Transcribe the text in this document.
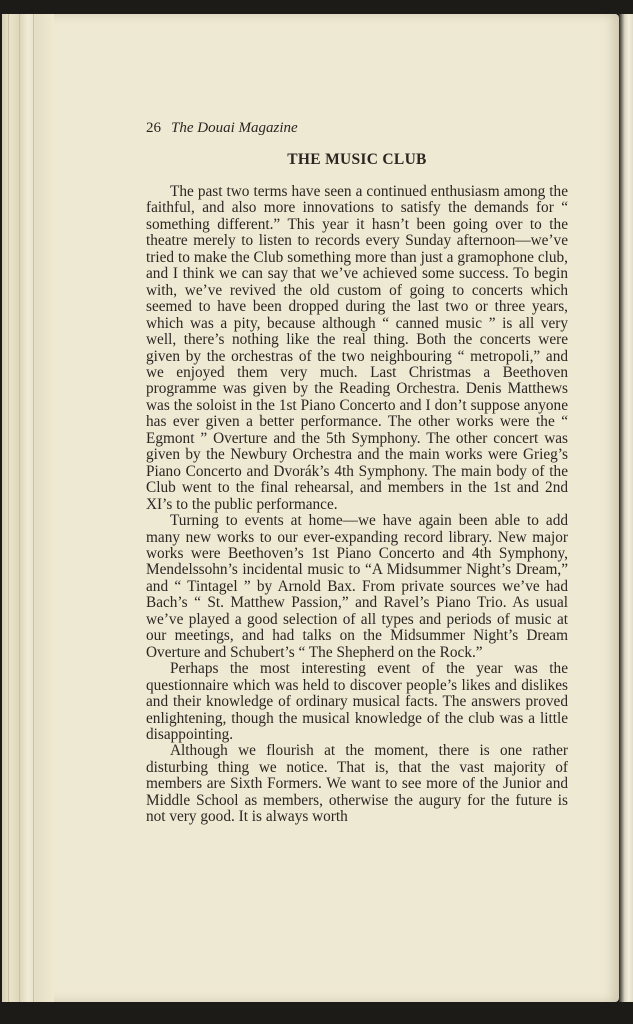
26 The Douai Magazine
THE MUSIC CLUB

The past two terms have seen a continued enthusiasm among the faithful, and also more innovations to satisfy the demands for “ something different.” This year it hasn’t been going over to the theatre merely to listen to records every Sunday afternoon—we’ve tried to make the Club something more than just a gramophone club, and I think we can say that we’ve achieved some success. To begin with, we’ve revived the old custom of going to concerts which seemed to have been dropped during the last two or three years, which was a pity, because although “ canned music ” is all very well, there’s nothing like the real thing. Both the concerts were given by the orchestras of the two neighbouring “ metropoli,” and we enjoyed them very much. Last Christmas a Beethoven programme was given by the Reading Orchestra. Denis Matthews was the soloist in the 1st Piano Concerto and I don’t suppose anyone has ever given a better performance. The other works were the “ Egmont ” Overture and the 5th Symphony. The other concert was given by the Newbury Orchestra and the main works were Grieg’s Piano Concerto and Dvorák’s 4th Symphony. The main body of the Club went to the final rehearsal, and members in the 1st and 2nd XI’s to the public performance.

Turning to events at home—we have again been able to add many new works to our ever-expanding record library. New major works were Beethoven’s 1st Piano Concerto and 4th Symphony, Mendelssohn’s incidental music to “A Midsummer Night’s Dream,” and “ Tintagel ” by Arnold Bax. From private sources we’ve had Bach’s “ St. Matthew Passion,” and Ravel’s Piano Trio. As usual we’ve played a good selection of all types and periods of music at our meetings, and had talks on the Midsummer Night’s Dream Overture and Schubert’s “ The Shepherd on the Rock.”

Perhaps the most interesting event of the year was the questionnaire which was held to discover people’s likes and dislikes and their knowledge of ordinary musical facts. The answers proved enlightening, though the musical knowledge of the club was a little disappointing.

Although we flourish at the moment, there is one rather disturbing thing we notice. That is, that the vast majority of members are Sixth Formers. We want to see more of the Junior and Middle School as members, otherwise the augury for the future is not very good. It is always worth
